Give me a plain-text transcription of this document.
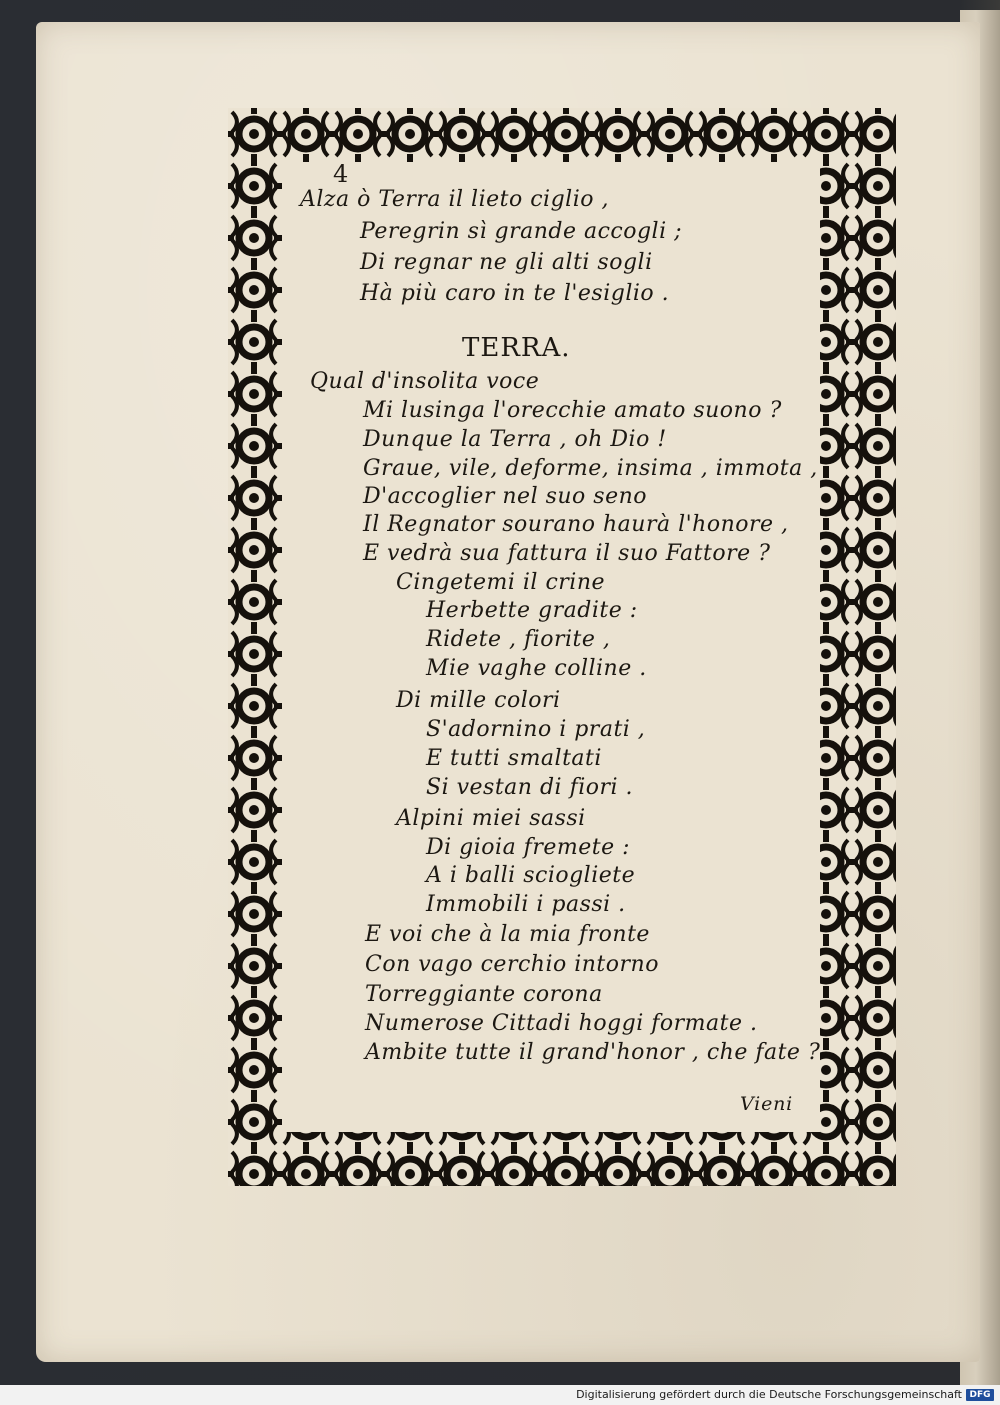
4
Alza ò Terra il lieto ciglio ,
Peregrin sì grande accogli ;
Di regnar ne gli alti sogli
Hà più caro in te l'esiglio .
TERRA.
Qual d'insolita voce
Mi lusinga l'orecchie amato suono ?
Dunque la Terra , oh Dio !
Graue, vile, deforme, insima , immota ,
D'accoglier nel suo seno
Il Regnator sourano haurà l'honore ,
E vedrà sua fattura il suo Fattore ?
Cingetemi il crine
Herbette gradite :
Ridete , fiorite ,
Mie vaghe colline .
Di mille colori
S'adornino i prati ,
E tutti smaltati
Si vestan di fiori .
Alpini miei sassi
Di gioia fremete :
A i balli sciogliete
Immobili i passi .
E voi che à la mia fronte
Con vago cerchio intorno
Torreggiante corona
Numerose Cittadi hoggi formate .
Ambite tutte il grand'honor , che fate ?
Vieni
Digitalisierung gefördert durch die Deutsche Forschungsgemeinschaft DFG
